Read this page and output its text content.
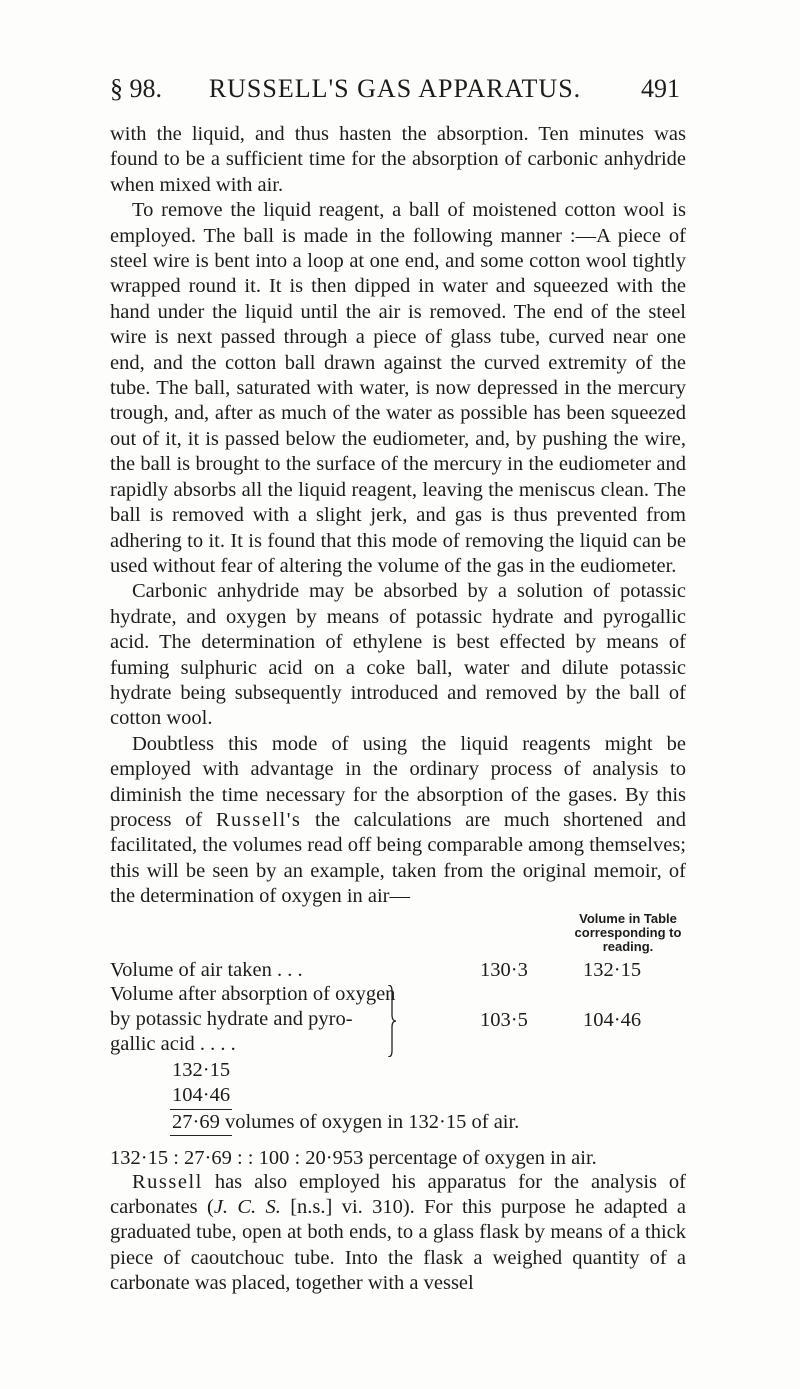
§ 98.	RUSSELL'S GAS APPARATUS.	491

with the liquid, and thus hasten the absorption. Ten minutes was found to be a sufficient time for the absorption of carbonic anhydride when mixed with air.

To remove the liquid reagent, a ball of moistened cotton wool is employed. The ball is made in the following manner :—A piece of steel wire is bent into a loop at one end, and some cotton wool tightly wrapped round it. It is then dipped in water and squeezed with the hand under the liquid until the air is removed. The end of the steel wire is next passed through a piece of glass tube, curved near one end, and the cotton ball drawn against the curved extremity of the tube. The ball, saturated with water, is now depressed in the mercury trough, and, after as much of the water as possible has been squeezed out of it, it is passed below the eudiometer, and, by pushing the wire, the ball is brought to the surface of the mercury in the eudiometer and rapidly absorbs all the liquid reagent, leaving the meniscus clean. The ball is removed with a slight jerk, and gas is thus prevented from adhering to it. It is found that this mode of removing the liquid can be used without fear of altering the volume of the gas in the eudiometer.

Carbonic anhydride may be absorbed by a solution of potassic hydrate, and oxygen by means of potassic hydrate and pyrogallic acid. The determination of ethylene is best effected by means of fuming sulphuric acid on a coke ball, water and dilute potassic hydrate being subsequently introduced and removed by the ball of cotton wool.

Doubtless this mode of using the liquid reagents might be employed with advantage in the ordinary process of analysis to diminish the time necessary for the absorption of the gases. By this process of Russell's the calculations are much shortened and facilitated, the volumes read off being comparable among themselves; this will be seen by an example, taken from the original memoir, of the determination of oxygen in air—

Volume in Table corresponding to reading.
Volume of air taken . . .	130·3	132·15
Volume after absorption of oxygen
by potassic hydrate and pyro-
gallic acid . . . .
103·5	104·46
132·15
104·46
27·69 volumes of oxygen in 132·15 of air.
132·15 : 27·69 : : 100 : 20·953 percentage of oxygen in air.

Russell has also employed his apparatus for the analysis of carbonates (J. C. S. [n.s.] vi. 310). For this purpose he adapted a graduated tube, open at both ends, to a glass flask by means of a thick piece of caoutchouc tube. Into the flask a weighed quantity of a carbonate was placed, together with a vessel
